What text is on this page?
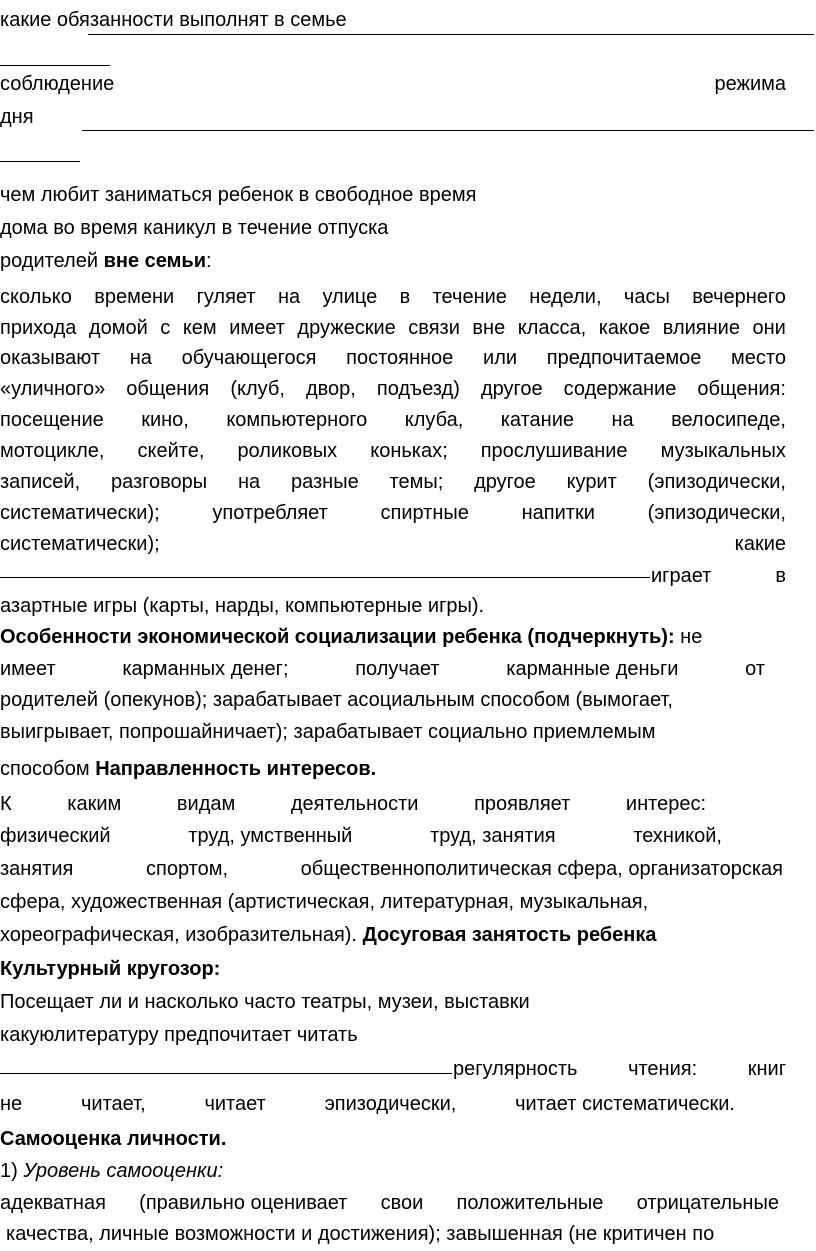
какие обязанности выполнят в семье
соблюдение	режима
дня
чем любит заниматься ребенок в свободное время
дома во время каникул в течение отпуска
родителей вне семьи:
сколько времени гуляет на улице в течение недели, часы вечернего
прихода домой с кем имеет дружеские связи вне класса, какое влияние они
оказывают на обучающегося постоянное или предпочитаемое место
«уличного» общения (клуб, двор, подъезд) другое содержание общения:
посещение кино, компьютерного клуба, катание на велосипеде,
мотоцикле, скейте, роликовых коньках; прослушивание музыкальных
записей, разговоры на разные темы; другое курит (эпизодически,
систематически);	употребляет	спиртные	напитки	(эпизодически,
систематически);	какие
играет	в
азартные игры (карты, нарды, компьютерные игры).
Особенности экономической социализации ребенка (подчеркнуть): не
имеет	карманных денег;	получает	карманные деньги	от
родителей (опекунов); зарабатывает асоциальным способом (вымогает,
выигрывает, попрошайничает); зарабатывает социально приемлемым
способом Направленность интересов.
К	каким	видам	деятельности	проявляет	интерес:
физический	труд, умственный	труд, занятия	техникой,
занятия	спортом,	общественнополитическая сфера, организаторская
сфера, художественная (артистическая, литературная, музыкальная,
хореографическая, изобразительная). Досуговая занятость ребенка
Культурный кругозор:
Посещает ли и насколько часто театры, музеи, выставки
какуюлитературу предпочитает читать
регулярность	чтения:	книг
не	читает,	читает	эпизодически,	читает систематически.
Самооценка личности.
1) Уровень самооценки:
адекватная (правильно оценивает свои положительные отрицательные
качества, личные возможности и достижения); завышенная (не критичен по
